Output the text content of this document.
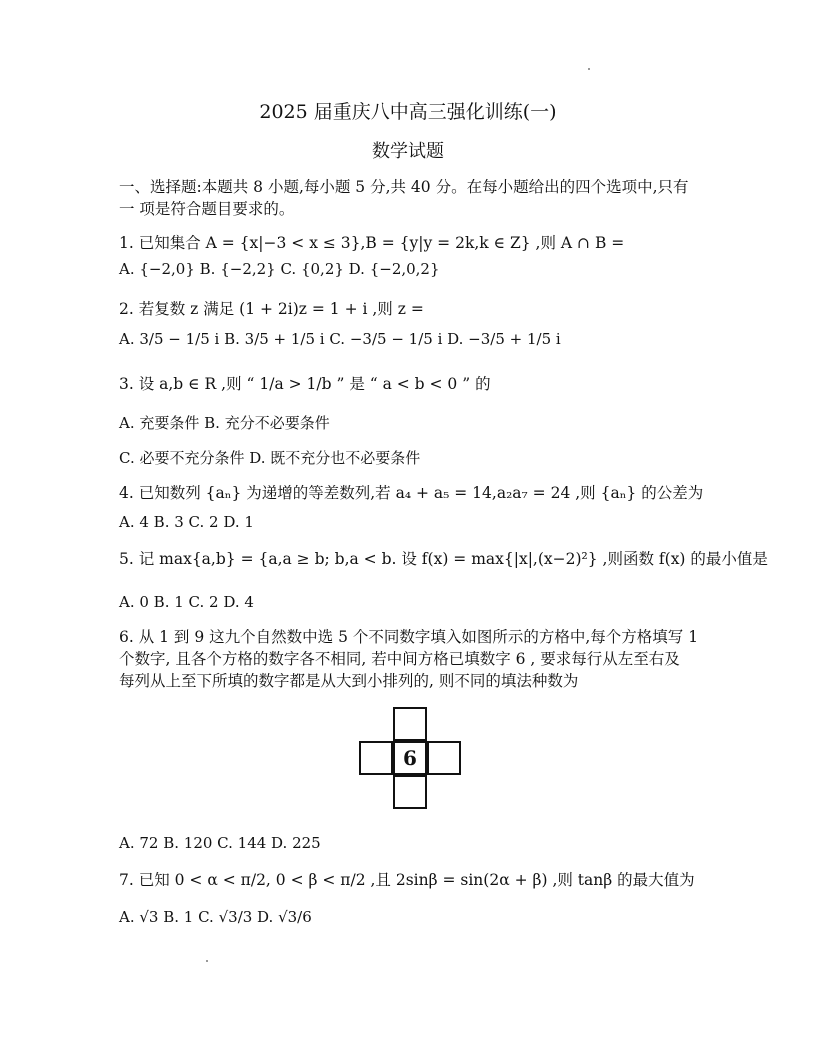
2025 届重庆八中高三强化训练(一)
数学试题
一、选择题:本题共 8 小题,每小题 5 分,共 40 分。在每小题给出的四个选项中,只有
一 项是符合题目要求的。
1. 已知集合 A = {x|−3 < x ≤ 3},B = {y|y = 2k,k ∈ Z} ,则 A ∩ B =
A. {−2,0} B. {−2,2} C. {0,2} D. {−2,0,2}
2. 若复数 z 满足 (1 + 2i)z = 1 + i ,则 z =
A. 3/5 − 1/5 i B. 3/5 + 1/5 i C. −3/5 − 1/5 i D. −3/5 + 1/5 i
3. 设 a,b ∈ R ,则 “ 1/a > 1/b ” 是 “ a < b < 0 ” 的
A. 充要条件 B. 充分不必要条件
C. 必要不充分条件 D. 既不充分也不必要条件
4. 已知数列 {aₙ} 为递增的等差数列,若 a₄ + a₅ = 14,a₂a₇ = 24 ,则 {aₙ} 的公差为
A. 4 B. 3 C. 2 D. 1
5. 记 max{a,b} = {a,a ≥ b; b,a < b. 设 f(x) = max{|x|,(x−2)²} ,则函数 f(x) 的最小值是
A. 0 B. 1 C. 2 D. 4
6. 从 1 到 9 这九个自然数中选 5 个不同数字填入如图所示的方格中,每个方格填写 1
个数字, 且各个方格的数字各不相同, 若中间方格已填数字 6 , 要求每行从左至右及
每列从上至下所填的数字都是从大到小排列的, 则不同的填法种数为
6
A. 72 B. 120 C. 144 D. 225
7. 已知 0 < α < π/2, 0 < β < π/2 ,且 2sinβ = sin(2α + β) ,则 tanβ 的最大值为
A. √3 B. 1 C. √3/3 D. √3/6
